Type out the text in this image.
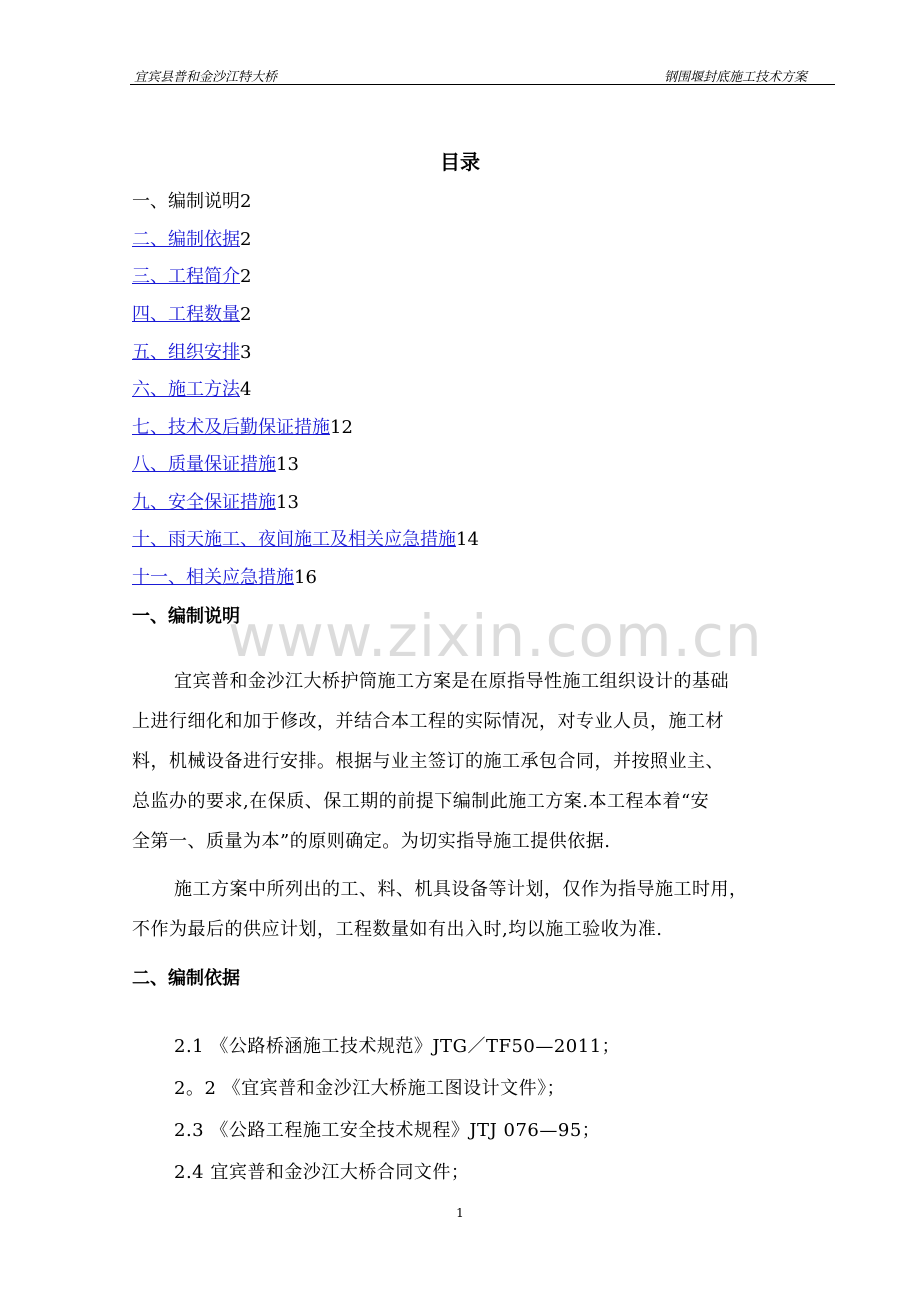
宜宾县普和金沙江特大桥	钢围堰封底施工技术方案
目录
一、编制说明2
二、编制依据2
三、工程简介2
四、工程数量2
五、组织安排3
六、施工方法4
七、技术及后勤保证措施12
八、质量保证措施13
九、安全保证措施13
十、雨天施工、夜间施工及相关应急措施14
十一、相关应急措施16
www.zixin.com.cn
一、编制说明
宜宾普和金沙江大桥护筒施工方案是在原指导性施工组织设计的基础
上进行细化和加于修改，并结合本工程的实际情况，对专业人员，施工材
料，机械设备进行安排。根据与业主签订的施工承包合同，并按照业主、
总监办的要求,在保质、保工期的前提下编制此施工方案.本工程本着“安
全第一、质量为本”的原则确定。为切实指导施工提供依据.
施工方案中所列出的工、料、机具设备等计划，仅作为指导施工时用，
不作为最后的供应计划，工程数量如有出入时,均以施工验收为准.
二、编制依据
2.1 《公路桥涵施工技术规范》JTG／TF50—2011；
2。2 《宜宾普和金沙江大桥施工图设计文件》；
2.3 《公路工程施工安全技术规程》JTJ 076—95；
2.4 宜宾普和金沙江大桥合同文件；
1
